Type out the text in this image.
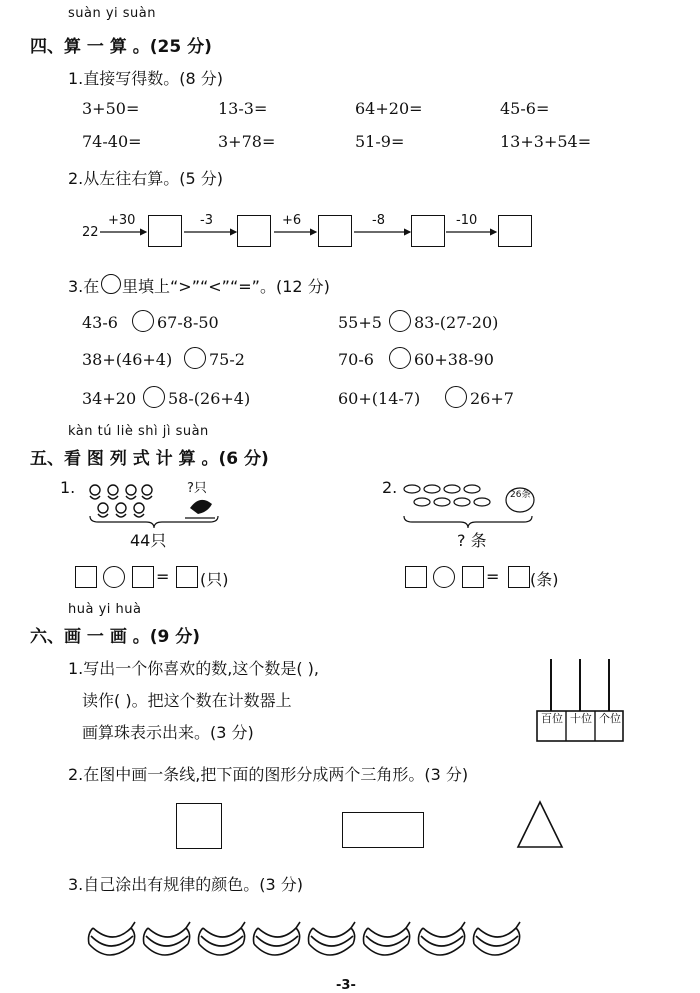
suàn yi suàn
四、算 一 算 。(25 分)
1.直接写得数。(8 分)
3+50=	13-3=	64+20=	45-6=
74-40=	3+78=	51-9=	13+3+54=
2.从左往右算。(5 分)
22
+30	-3	+6	-8	-10
3.在 里填上“>”“<”“=”。(12 分)
43-6 67-8-50	55+5 83-(27-20)
38+(46+4) 75-2	70-6	60+38-90
34+20 58-(26+4)	60+(14-7)	26+7
kàn tú liè shì jì suàn
五、看 图 列 式 计 算 。(6 分)
1.	?只
44只
2.	26条
? 条
= (只)	= (条)
huà yi huà
六、画 一 画 。(9 分)
1.写出一个你喜欢的数,这个数是( ),
读作( )。把这个数在计数器上
画算珠表示出来。(3 分)
百位 十位 个位
2.在图中画一条线,把下面的图形分成两个三角形。(3 分)
3.自己涂出有规律的颜色。(3 分)
-3-
